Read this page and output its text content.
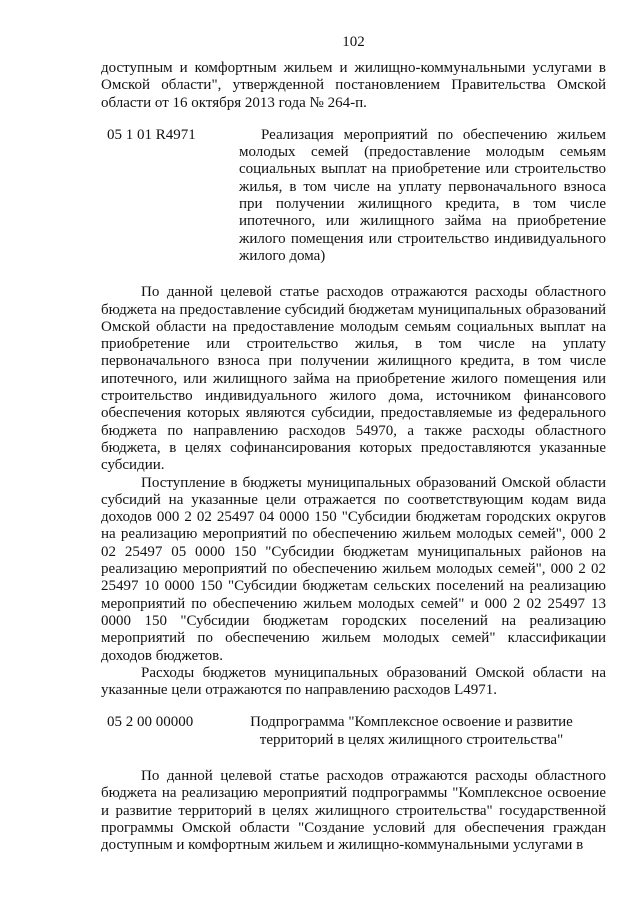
102

доступным и комфортным жильем и жилищно-коммунальными услугами в Омской области", утвержденной постановлением Правительства Омской области от 16 октября 2013 года № 264-п.

05 1 01 R4971	Реализация мероприятий по обеспечению жильем молодых семей (предоставление молодым семьям социальных выплат на приобретение или строительство жилья, в том числе на уплату первоначального взноса при получении жилищного кредита, в том числе ипотечного, или жилищного займа на приобретение жилого помещения или строительство индивидуального жилого дома)

По данной целевой статье расходов отражаются расходы областного бюджета на предоставление субсидий бюджетам муниципальных образований Омской области на предоставление молодым семьям социальных выплат на приобретение или строительство жилья, в том числе на уплату первоначального взноса при получении жилищного кредита, в том числе ипотечного, или жилищного займа на приобретение жилого помещения или строительство индивидуального жилого дома, источником финансового обеспечения которых являются субсидии, предоставляемые из федерального бюджета по направлению расходов 54970, а также расходы областного бюджета, в целях софинансирования которых предоставляются указанные субсидии.

Поступление в бюджеты муниципальных образований Омской области субсидий на указанные цели отражается по соответствующим кодам вида доходов 000 2 02 25497 04 0000 150 "Субсидии бюджетам городских округов на реализацию мероприятий по обеспечению жильем молодых семей", 000 2 02 25497 05 0000 150 "Субсидии бюджетам муниципальных районов на реализацию мероприятий по обеспечению жильем молодых семей", 000 2 02 25497 10 0000 150 "Субсидии бюджетам сельских поселений на реализацию мероприятий по обеспечению жильем молодых семей" и 000 2 02 25497 13 0000 150 "Субсидии бюджетам городских поселений на реализацию мероприятий по обеспечению жильем молодых семей" классификации доходов бюджетов.

Расходы бюджетов муниципальных образований Омской области на указанные цели отражаются по направлению расходов L4971.

05 2 00 00000	Подпрограмма "Комплексное освоение и развитие территорий в целях жилищного строительства"

По данной целевой статье расходов отражаются расходы областного бюджета на реализацию мероприятий подпрограммы "Комплексное освоение и развитие территорий в целях жилищного строительства" государственной программы Омской области "Создание условий для обеспечения граждан доступным и комфортным жильем и жилищно-коммунальными услугами в
